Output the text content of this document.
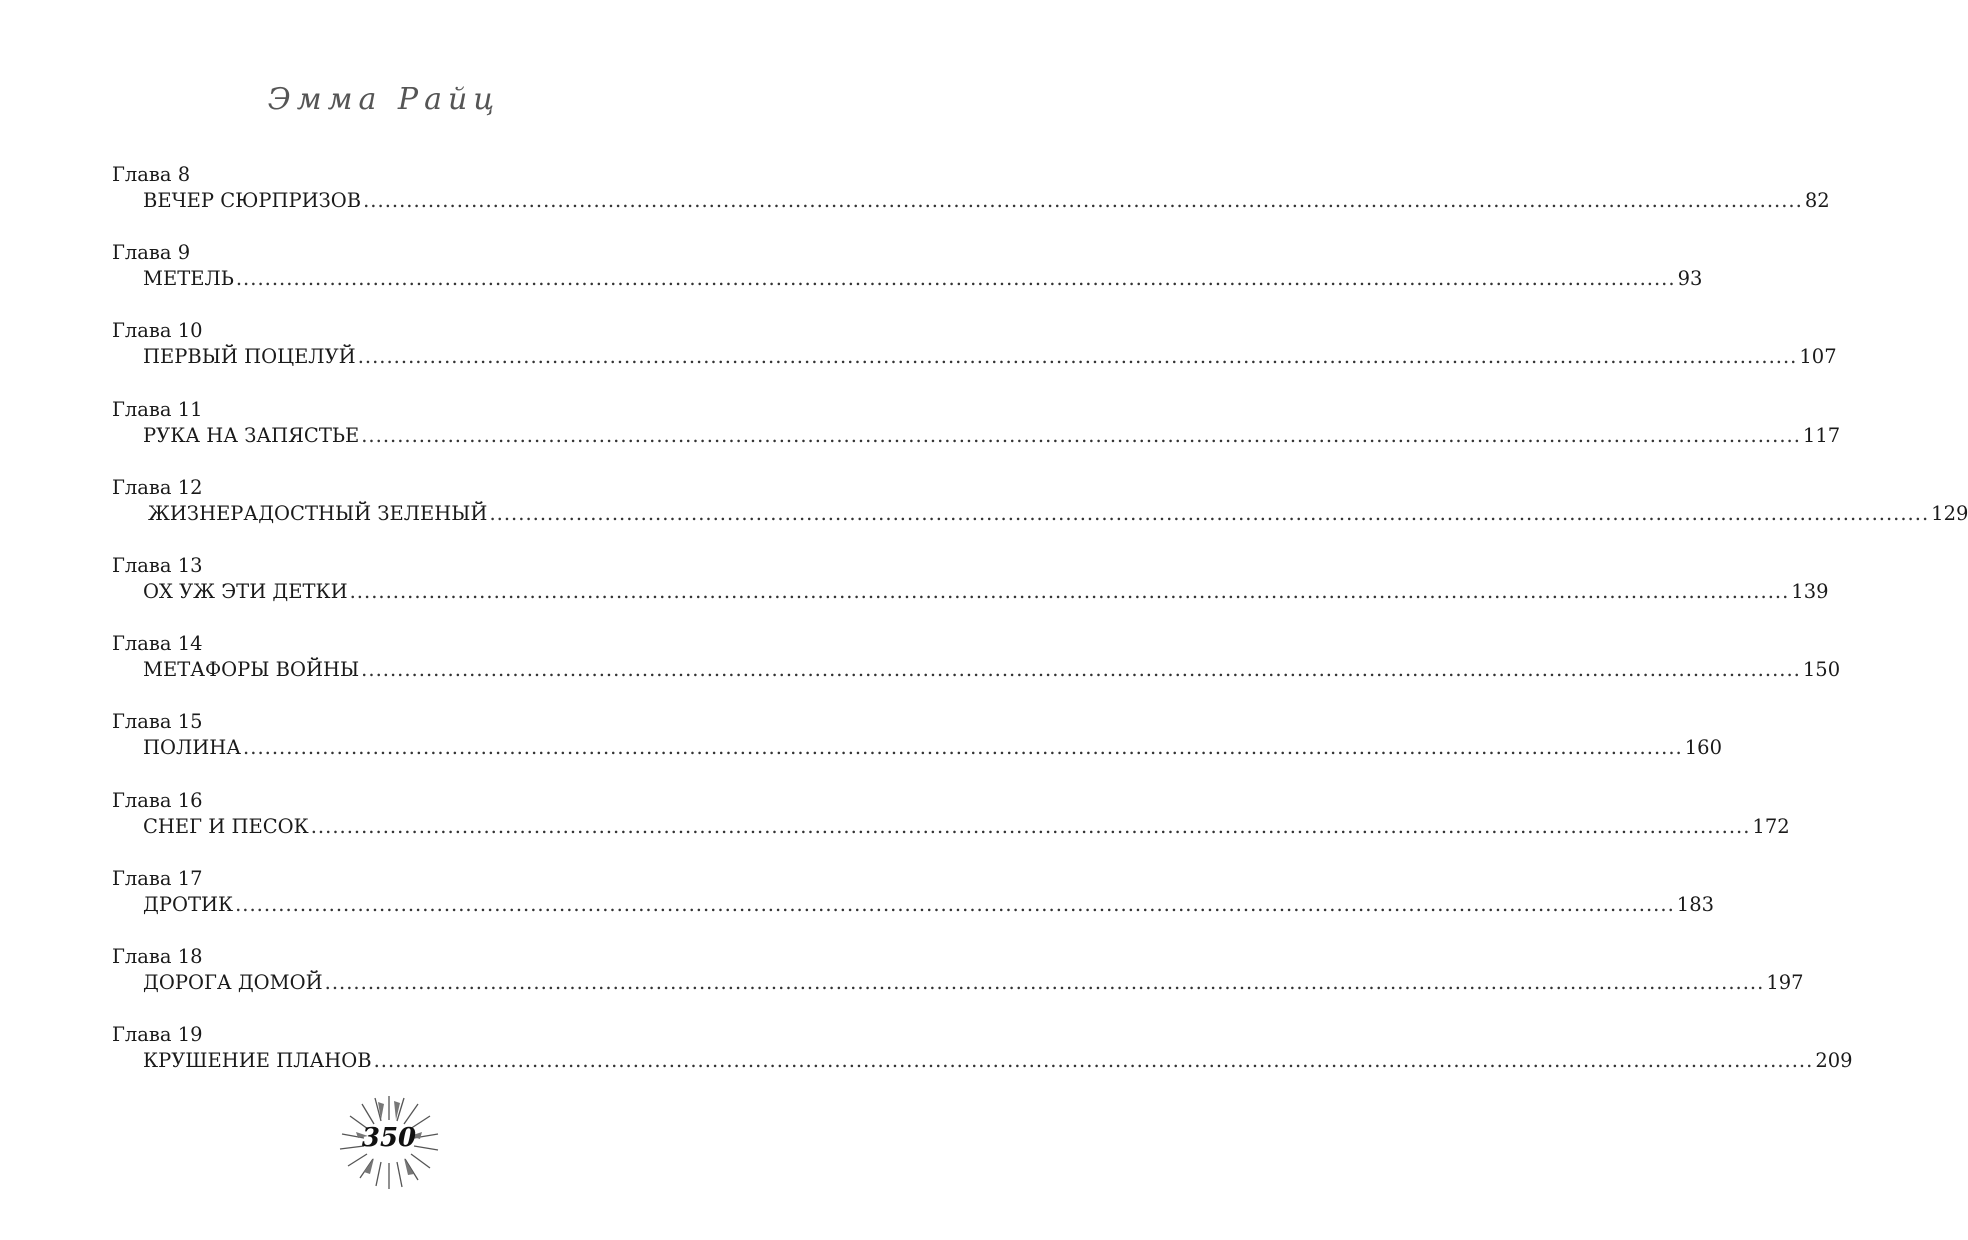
Эмма Райц
Глава 8
ВЕЧЕР СЮРПРИЗОВ ........................................................................................................................................................................................................ 82
Глава 9
МЕТЕЛЬ ........................................................................................................................................................................................................ 93
Глава 10
ПЕРВЫЙ ПОЦЕЛУЙ ........................................................................................................................................................................................................ 107
Глава 11
РУКА НА ЗАПЯСТЬЕ ........................................................................................................................................................................................................ 117
Глава 12
ЖИЗНЕРАДОСТНЫЙ ЗЕЛЕНЫЙ ........................................................................................................................................................................................................ 129
Глава 13
ОХ УЖ ЭТИ ДЕТКИ ........................................................................................................................................................................................................ 139
Глава 14
МЕТАФОРЫ ВОЙНЫ ........................................................................................................................................................................................................ 150
Глава 15
ПОЛИНА ........................................................................................................................................................................................................ 160
Глава 16
СНЕГ И ПЕСОК ........................................................................................................................................................................................................ 172
Глава 17
ДРОТИК ........................................................................................................................................................................................................ 183
Глава 18
ДОРОГА ДОМОЙ ........................................................................................................................................................................................................ 197
Глава 19
КРУШЕНИЕ ПЛАНОВ ........................................................................................................................................................................................................ 209
350
